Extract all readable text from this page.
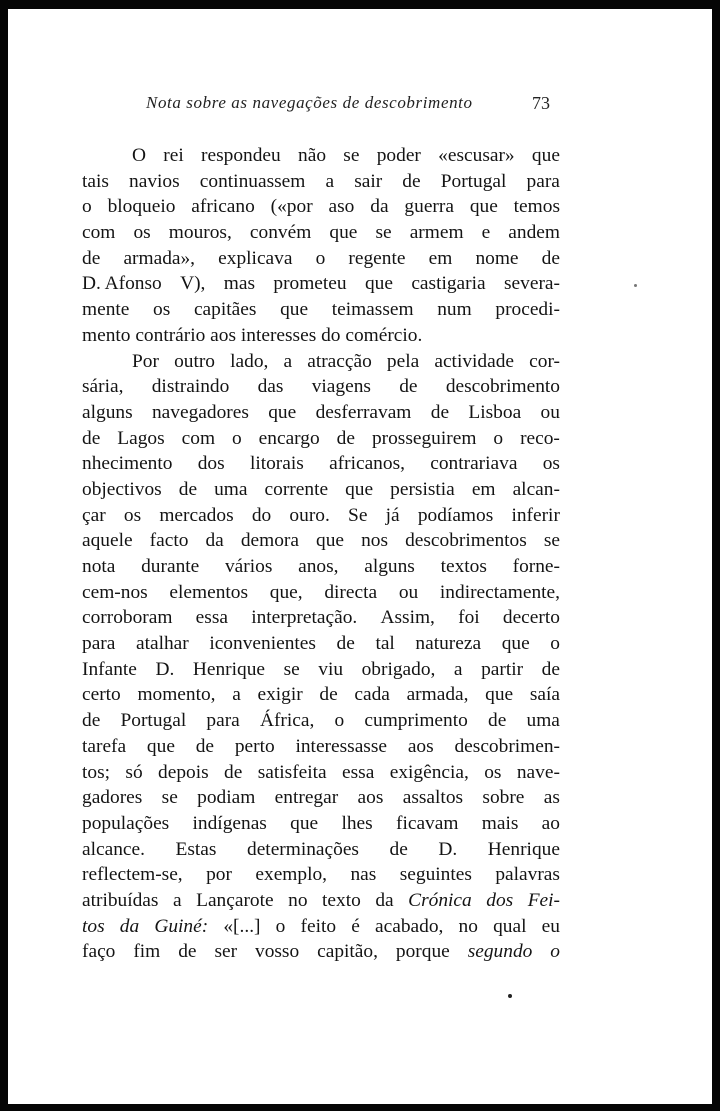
Nota sobre as navegações de descobrimento	73
O rei respondeu não se poder «escusar» que
tais navios continuassem a sair de Portugal para
o bloqueio africano («por aso da guerra que temos
com os mouros, convém que se armem e andem
de armada», explicava o regente em nome de
D. Afonso V), mas prometeu que castigaria severa-
mente os capitães que teimassem num procedi-
mento contrário aos interesses do comércio.
Por outro lado, a atracção pela actividade cor-
sária, distraindo das viagens de descobrimento
alguns navegadores que desferravam de Lisboa ou
de Lagos com o encargo de prosseguirem o reco-
nhecimento dos litorais africanos, contrariava os
objectivos de uma corrente que persistia em alcan-
çar os mercados do ouro. Se já podíamos inferir
aquele facto da demora que nos descobrimentos se
nota durante vários anos, alguns textos forne-
cem-nos elementos que, directa ou indirectamente,
corroboram essa interpretação. Assim, foi decerto
para atalhar iconvenientes de tal natureza que o
Infante D. Henrique se viu obrigado, a partir de
certo momento, a exigir de cada armada, que saía
de Portugal para África, o cumprimento de uma
tarefa que de perto interessasse aos descobrimen-
tos; só depois de satisfeita essa exigência, os nave-
gadores se podiam entregar aos assaltos sobre as
populações indígenas que lhes ficavam mais ao
alcance. Estas determinações de D. Henrique
reflectem-se, por exemplo, nas seguintes palavras
atribuídas a Lançarote no texto da Crónica dos Fei-
tos da Guiné: «[...] o feito é acabado, no qual eu
faço fim de ser vosso capitão, porque segundo o
